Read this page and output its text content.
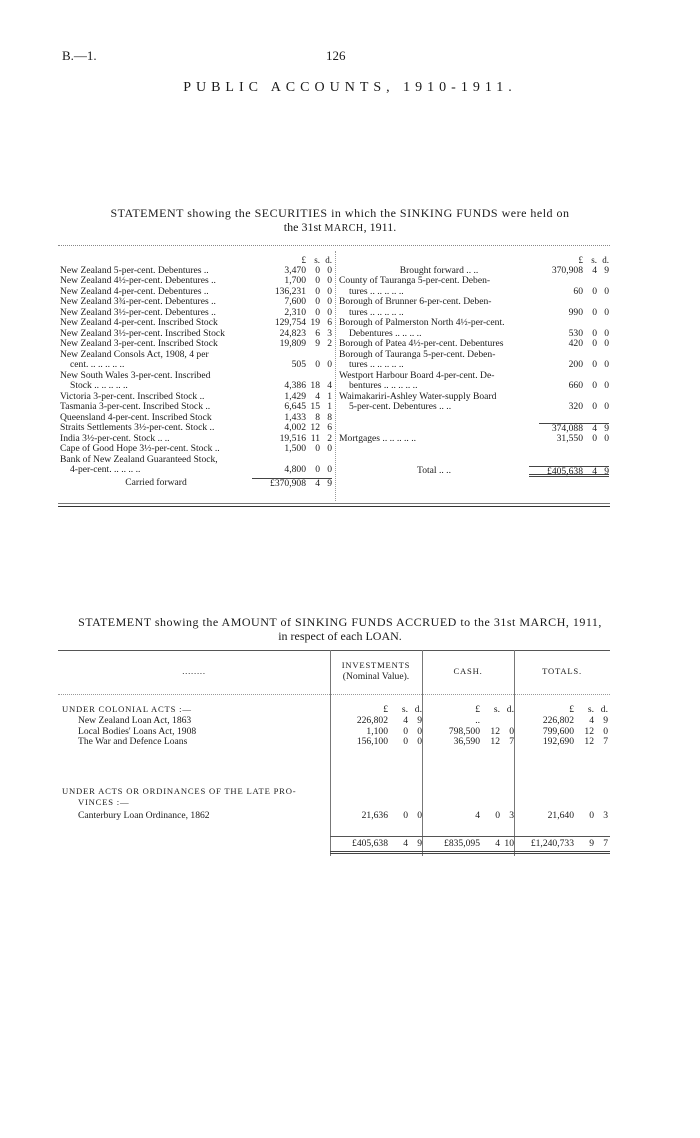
B.—1.	126
PUBLIC ACCOUNTS, 1910-1911.
STATEMENT showing the SECURITIES in which the SINKING FUNDS were held on
the 31st MARCH, 1911.
£ s. d.
New Zealand 5-per-cent. Debentures ..	3,470 0 0
New Zealand 4½-per-cent. Debentures ..	1,700 0 0
New Zealand 4-per-cent. Debentures ..	136,231 0 0
New Zealand 3¾-per-cent. Debentures ..	7,600 0 0
New Zealand 3½-per-cent. Debentures ..	2,310 0 0
New Zealand 4-per-cent. Inscribed Stock	129,754 19 6
New Zealand 3½-per-cent. Inscribed Stock	24,823 6 3
New Zealand 3-per-cent. Inscribed Stock	19,809 9 2
New Zealand Consols Act, 1908, 4 per
cent. .. .. .. .. ..	505 0 0
New South Wales 3-per-cent. Inscribed
Stock .. .. .. .. ..	4,386 18 4
Victoria 3-per-cent. Inscribed Stock ..	1,429 4 1
Tasmania 3-per-cent. Inscribed Stock ..	6,645 15 1
Queensland 4-per-cent. Inscribed Stock	1,433 8 8
Straits Settlements 3½-per-cent. Stock ..	4,002 12 6
India 3½-per-cent. Stock .. ..	19,516 11 2
Cape of Good Hope 3½-per-cent. Stock ..	1,500 0 0
Bank of New Zealand Guaranteed Stock,
4-per-cent. .. .. .. ..	4,800 0 0
Carried forward	£370,908 4 9
£ s. d.
Brought forward .. ..	370,908 4 9
County of Tauranga 5-per-cent. Deben-
tures .. .. .. .. ..	60 0 0
Borough of Brunner 6-per-cent. Deben-
tures .. .. .. .. ..	990 0 0
Borough of Palmerston North 4½-per-cent.
Debentures .. .. .. ..	530 0 0
Borough of Patea 4½-per-cent. Debentures	420 0 0
Borough of Tauranga 5-per-cent. Deben-
tures .. .. .. .. ..	200 0 0
Westport Harbour Board 4-per-cent. De-
bentures .. .. .. .. ..	660 0 0
Waimakariri-Ashley Water-supply Board
5-per-cent. Debentures .. ..	320 0 0
374,088 4 9
Mortgages .. .. .. .. ..	31,550 0 0
Total .. ..	£405,638 4 9
STATEMENT showing the AMOUNT of SINKING FUNDS ACCRUED to the 31st MARCH, 1911,
in respect of each LOAN.
........
INVESTMENTS
(Nominal Value).	CASH.	TOTALS.
£ s. d.	£ s. d.	£ s. d.
UNDER COLONIAL ACTS :—
New Zealand Loan Act, 1863	226,802 4 9	..	226,802 4 9
Local Bodies' Loans Act, 1908	1,100 0 0	798,500 12 0	799,600 12 0
The War and Defence Loans	156,100 0 0	36,590 12 7	192,690 12 7
UNDER ACTS OR ORDINANCES OF THE LATE PRO-
VINCES :—
Canterbury Loan Ordinance, 1862	21,636 0 0	4 0 3	21,640 0 3
£405,638 4 9 £835,095 4 10 £1,240,733 9 7
